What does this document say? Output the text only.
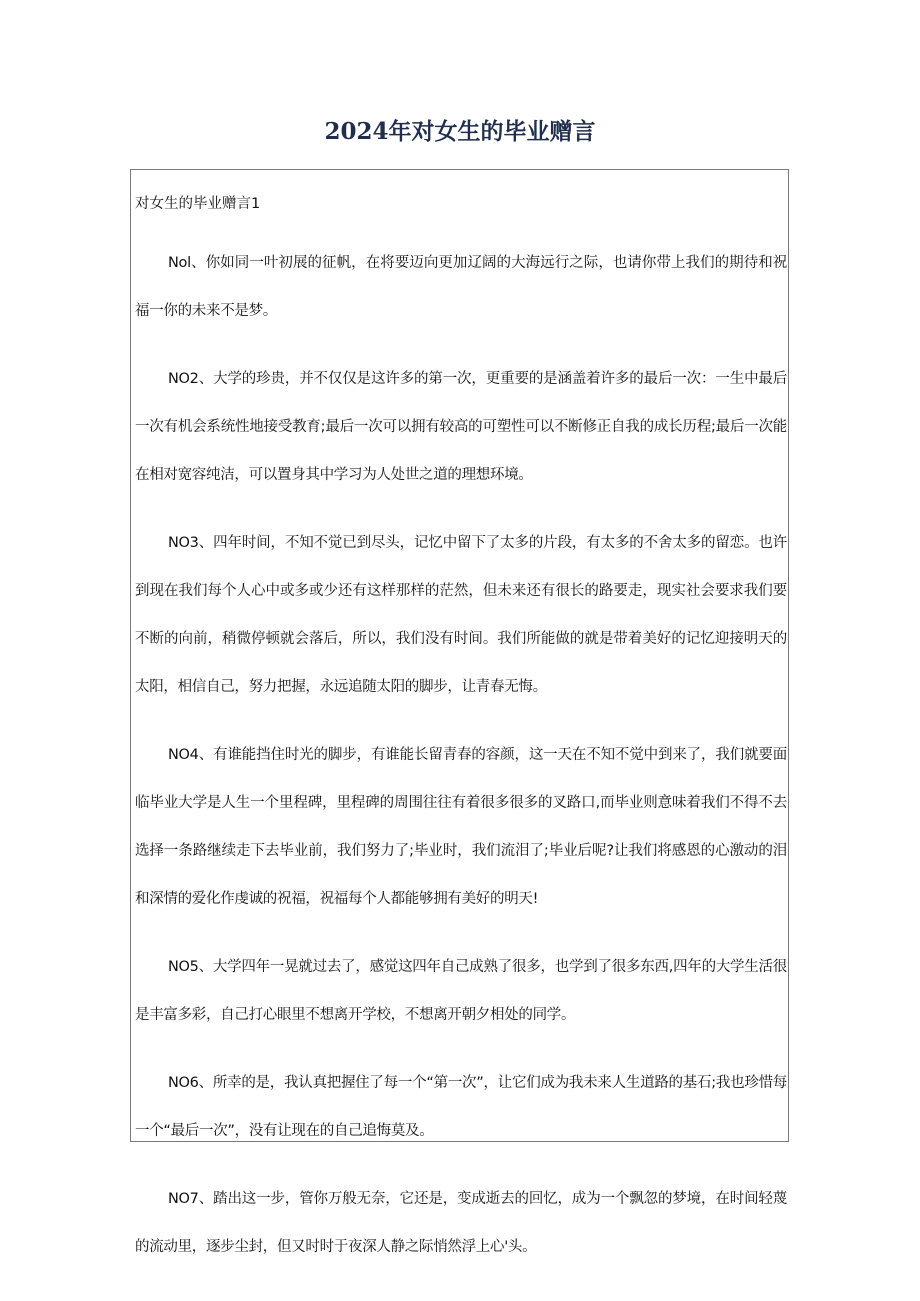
2024年对女生的毕业赠言
对女生的毕业赠言1

Nol、你如同一叶初展的征帆，在将要迈向更加辽阔的大海远行之际，也请你带上我们的期待和祝福一你的未来不是梦。

NO2、大学的珍贵，并不仅仅是这许多的第一次，更重要的是涵盖着许多的最后一次：一生中最后一次有机会系统性地接受教育;最后一次可以拥有较高的可塑性可以不断修正自我的成长历程;最后一次能在相对宽容纯洁，可以置身其中学习为人处世之道的理想环境。

NO3、四年时间，不知不觉已到尽头，记忆中留下了太多的片段，有太多的不舍太多的留恋。也许到现在我们每个人心中或多或少还有这样那样的茫然，但未来还有很长的路要走，现实社会要求我们要不断的向前，稍微停顿就会落后，所以，我们没有时间。我们所能做的就是带着美好的记忆迎接明天的太阳，相信自己，努力把握，永远追随太阳的脚步，让青春无悔。

NO4、有谁能挡住时光的脚步，有谁能长留青春的容颜，这一天在不知不觉中到来了，我们就要面临毕业大学是人生一个里程碑，里程碑的周围往往有着很多很多的叉路口,而毕业则意味着我们不得不去选择一条路继续走下去毕业前，我们努力了;毕业时，我们流泪了;毕业后呢?让我们将感恩的心激动的泪和深情的爱化作虔诚的祝福，祝福每个人都能够拥有美好的明天!

NO5、大学四年一晃就过去了，感觉这四年自己成熟了很多，也学到了很多东西,四年的大学生活很是丰富多彩，自己打心眼里不想离开学校，不想离开朝夕相处的同学。

NO6、所幸的是，我认真把握住了每一个“第一次”，让它们成为我未来人生道路的基石;我也珍惜每一个“最后一次”，没有让现在的自己追悔莫及。

NO7、踏出这一步，管你万般无奈，它还是，变成逝去的回忆，成为一个飘忽的梦境，在时间轻蔑的流动里，逐步尘封，但又时时于夜深人静之际悄然浮上心'头。
